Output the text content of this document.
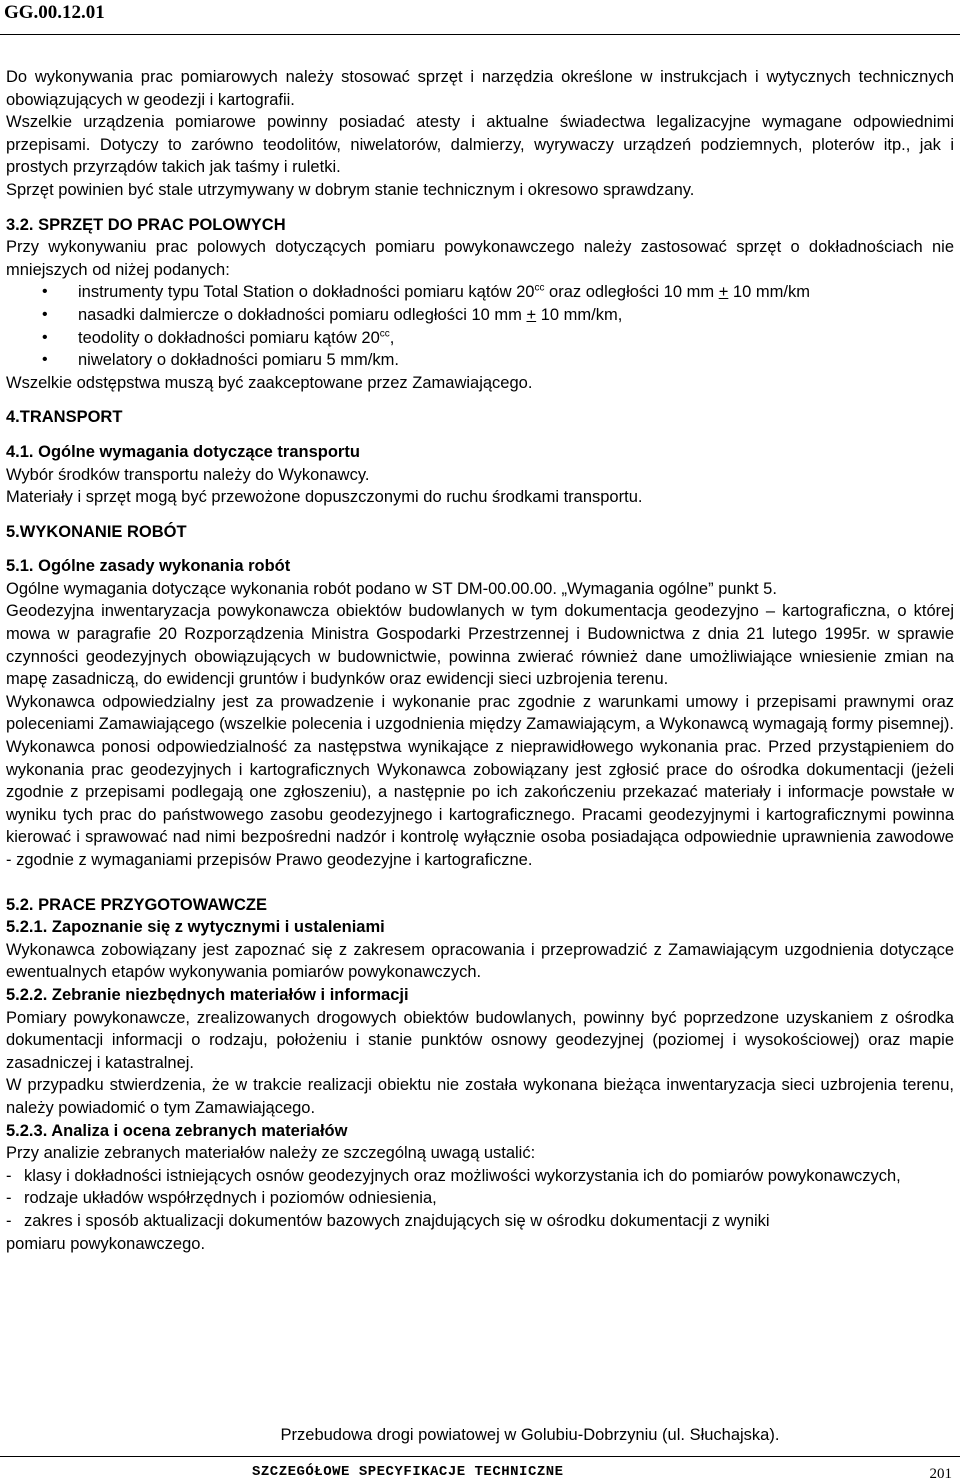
GG.00.12.01

Do wykonywania prac pomiarowych należy stosować sprzęt i narzędzia określone w instrukcjach i wytycznych technicznych obowiązujących w geodezji i kartografii.

Wszelkie urządzenia pomiarowe powinny posiadać atesty i aktualne świadectwa legalizacyjne wymagane odpowiednimi przepisami. Dotyczy to zarówno teodolitów, niwelatorów, dalmierzy, wyrywaczy urządzeń podziemnych, ploterów itp., jak i prostych przyrządów takich jak taśmy i ruletki.

Sprzęt powinien być stale utrzymywany w dobrym stanie technicznym i okresowo sprawdzany.

3.2. SPRZĘT DO PRAC POLOWYCH

Przy wykonywaniu prac polowych dotyczących pomiaru powykonawczego należy zastosować sprzęt o dokładnościach nie mniejszych od niżej podanych:

• instrumenty typu Total Station o dokładności pomiaru kątów $20^{cc}$ oraz odległości 10 mm + 10 mm/km
• nasadki dalmiercze o dokładności pomiaru odległości 10 mm + 10 mm/km,
• teodolity o dokładności pomiaru kątów $20^{cc}$,
• niwelatory o dokładności pomiaru 5 mm/km.

Wszelkie odstępstwa muszą być zaakceptowane przez Zamawiającego.

4.TRANSPORT
4.1. Ogólne wymagania dotyczące transportu

Wybór środków transportu należy do Wykonawcy.

Materiały i sprzęt mogą być przewożone dopuszczonymi do ruchu środkami transportu.

5.WYKONANIE ROBÓT
5.1. Ogólne zasady wykonania robót

Ogólne wymagania dotyczące wykonania robót podano w ST DM-00.00.00. „Wymagania ogólne” punkt 5.

Geodezyjna inwentaryzacja powykonawcza obiektów budowlanych w tym dokumentacja geodezyjno – kartograficzna, o której mowa w paragrafie 20 Rozporządzenia Ministra Gospodarki Przestrzennej i Budownictwa z dnia 21 lutego 1995r. w sprawie czynności geodezyjnych obowiązujących w budownictwie, powinna zwierać również dane umożliwiające wniesienie zmian na mapę zasadniczą, do ewidencji gruntów i budynków oraz ewidencji sieci uzbrojenia terenu.

Wykonawca odpowiedzialny jest za prowadzenie i wykonanie prac zgodnie z warunkami umowy i przepisami prawnymi oraz poleceniami Zamawiającego (wszelkie polecenia i uzgodnienia między Zamawiającym, a Wykonawcą wymagają formy pisemnej). Wykonawca ponosi odpowiedzialność za następstwa wynikające z nieprawidłowego wykonania prac. Przed przystąpieniem do wykonania prac geodezyjnych i kartograficznych Wykonawca zobowiązany jest zgłosić prace do ośrodka dokumentacji (jeżeli zgodnie z przepisami podlegają one zgłoszeniu), a następnie po ich zakończeniu przekazać materiały i informacje powstałe w wyniku tych prac do państwowego zasobu geodezyjnego i kartograficznego. Pracami geodezyjnymi i kartograficznymi powinna kierować i sprawować nad nimi bezpośredni nadzór i kontrolę wyłącznie osoba posiadająca odpowiednie uprawnienia zawodowe - zgodnie z wymaganiami przepisów Prawo geodezyjne i kartograficzne.

5.2. PRACE PRZYGOTOWAWCZE
5.2.1. Zapoznanie się z wytycznymi i ustaleniami

Wykonawca zobowiązany jest zapoznać się z zakresem opracowania i przeprowadzić z Zamawiającym uzgodnienia dotyczące ewentualnych etapów wykonywania pomiarów powykonawczych.

5.2.2. Zebranie niezbędnych materiałów i informacji

Pomiary powykonawcze, zrealizowanych drogowych obiektów budowlanych, powinny być poprzedzone uzyskaniem z ośrodka dokumentacji informacji o rodzaju, położeniu i stanie punktów osnowy geodezyjnej (poziomej i wysokościowej) oraz mapie zasadniczej i katastralnej.

W przypadku stwierdzenia, że w trakcie realizacji obiektu nie została wykonana bieżąca inwentaryzacja sieci uzbrojenia terenu, należy powiadomić o tym Zamawiającego.

5.2.3. Analiza i ocena zebranych materiałów

Przy analizie zebranych materiałów należy ze szczególną uwagą ustalić:

- klasy i dokładności istniejących osnów geodezyjnych oraz możliwości wykorzystania ich do pomiarów powykonawczych,
- rodzaje układów współrzędnych i poziomów odniesienia,
- zakres i sposób aktualizacji dokumentów bazowych znajdujących się w ośrodku dokumentacji z wyniki

pomiaru powykonawczego.

Przebudowa drogi powiatowej w Golubiu-Dobrzyniu (ul. Słuchajska).
SZCZEGÓŁOWE SPECYFIKACJE TECHNICZNE	201
